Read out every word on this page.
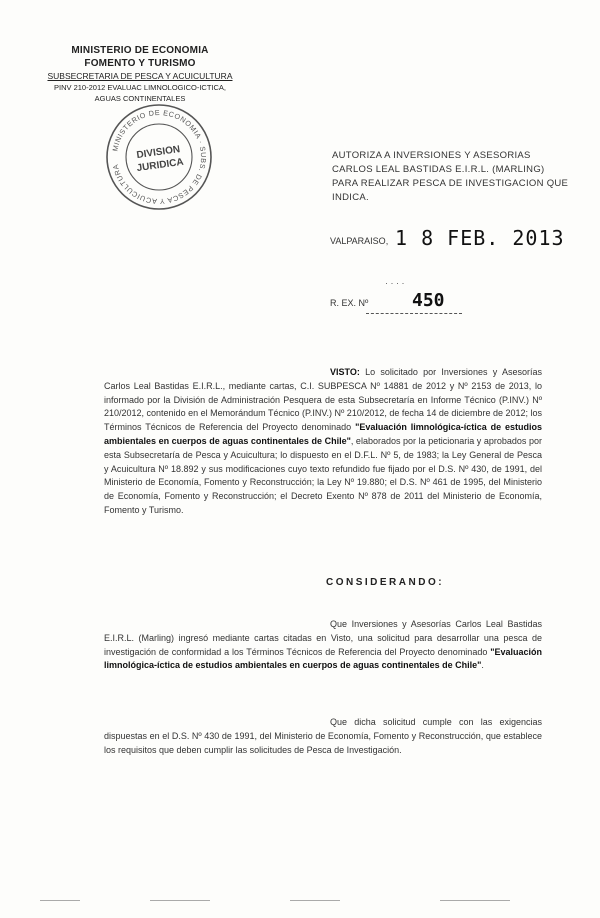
MINISTERIO DE ECONOMIA
FOMENTO Y TURISMO
SUBSECRETARIA DE PESCA Y ACUICULTURA
PINV 210-2012 EVALUAC LIMNOLOGICO-ICTICA,
AGUAS CONTINENTALES
MINISTERIO DE ECONOMIA · SUBS. DE PESCA Y ACUICULTURA
DIVISION
JURIDICA
AUTORIZA A INVERSIONES Y ASESORIAS CARLOS LEAL BASTIDAS E.I.R.L. (MARLING) PARA REALIZAR PESCA DE INVESTIGACION QUE INDICA.
VALPARAISO, 1 8 FEB. 2013
· · · ·
R. EX. Nº 450
VISTO: Lo solicitado por Inversiones y Asesorías Carlos Leal Bastidas E.I.R.L., mediante cartas, C.I. SUBPESCA Nº 14881 de 2012 y Nº 2153 de 2013, lo informado por la División de Administración Pesquera de esta Subsecretaría en Informe Técnico (P.INV.) Nº 210/2012, contenido en el Memorándum Técnico (P.INV.) Nº 210/2012, de fecha 14 de diciembre de 2012; los Términos Técnicos de Referencia del Proyecto denominado "Evaluación limnológica-íctica de estudios ambientales en cuerpos de aguas continentales de Chile", elaborados por la peticionaria y aprobados por esta Subsecretaría de Pesca y Acuicultura; lo dispuesto en el D.F.L. Nº 5, de 1983; la Ley General de Pesca y Acuicultura Nº 18.892 y sus modificaciones cuyo texto refundido fue fijado por el D.S. Nº 430, de 1991, del Ministerio de Economía, Fomento y Reconstrucción; la Ley Nº 19.880; el D.S. Nº 461 de 1995, del Ministerio de Economía, Fomento y Reconstrucción; el Decreto Exento Nº 878 de 2011 del Ministerio de Economía, Fomento y Turismo.
CONSIDERANDO:
Que Inversiones y Asesorías Carlos Leal Bastidas E.I.R.L. (Marling) ingresó mediante cartas citadas en Visto, una solicitud para desarrollar una pesca de investigación de conformidad a los Términos Técnicos de Referencia del Proyecto denominado "Evaluación limnológica-íctica de estudios ambientales en cuerpos de aguas continentales de Chile".
Que dicha solicitud cumple con las exigencias dispuestas en el D.S. Nº 430 de 1991, del Ministerio de Economía, Fomento y Reconstrucción, que establece los requisitos que deben cumplir las solicitudes de Pesca de Investigación.
